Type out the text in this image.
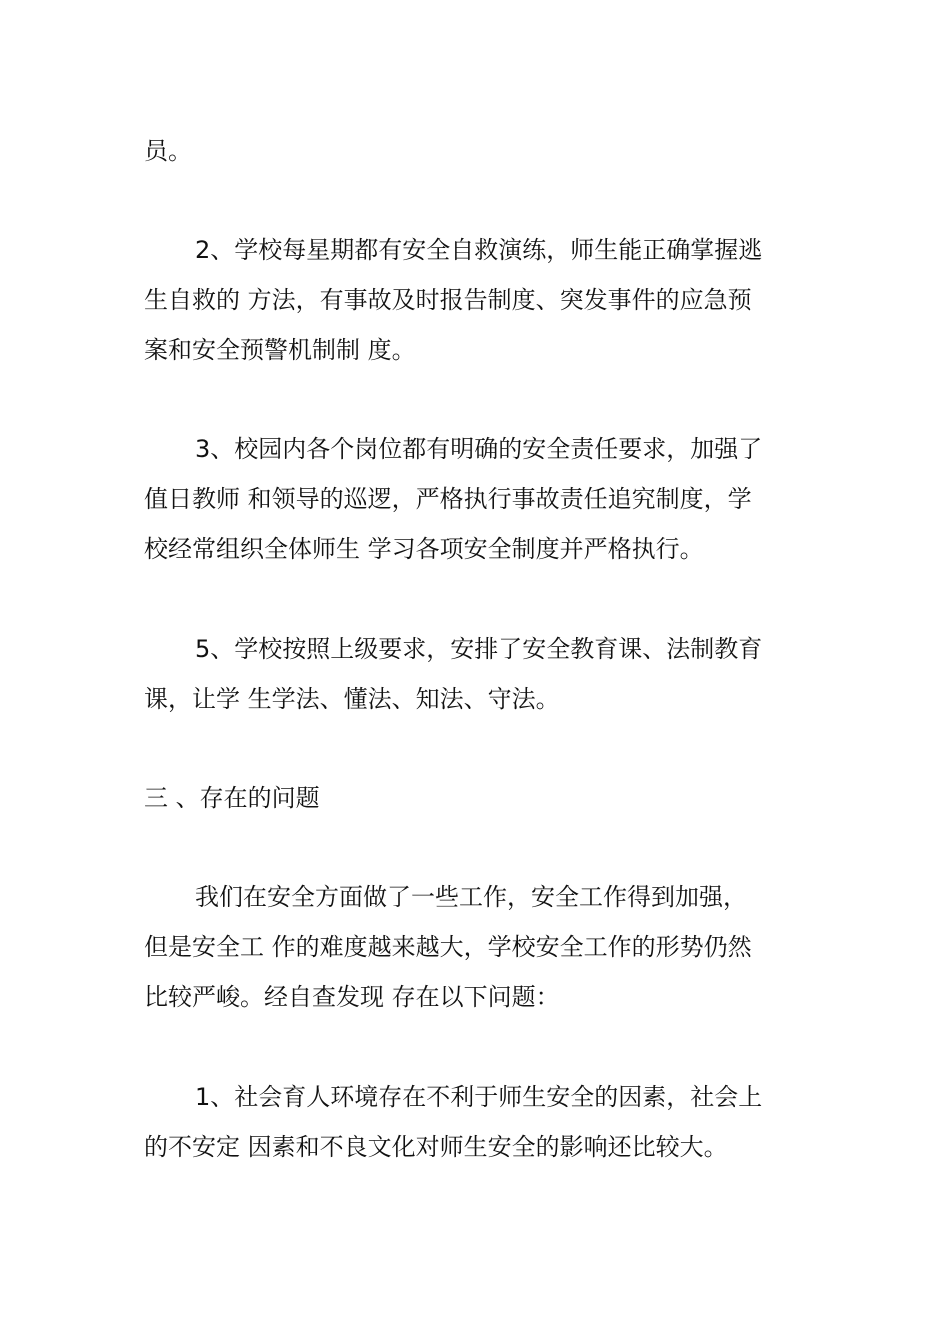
员。
2、学校每星期都有安全自救演练，师生能正确掌握逃
生自救的 方法，有事故及时报告制度、突发事件的应急预
案和安全预警机制制 度。
3、校园内各个岗位都有明确的安全责任要求，加强了
值日教师 和领导的巡逻，严格执行事故责任追究制度，学
校经常组织全体师生 学习各项安全制度并严格执行。
5、学校按照上级要求，安排了安全教育课、法制教育
课，让学 生学法、懂法、知法、守法。
三 、存在的问题
我们在安全方面做了一些工作，安全工作得到加强，
但是安全工 作的难度越来越大，学校安全工作的形势仍然
比较严峻。经自查发现 存在以下问题：
1、社会育人环境存在不利于师生安全的因素，社会上
的不安定 因素和不良文化对师生安全的影响还比较大。
